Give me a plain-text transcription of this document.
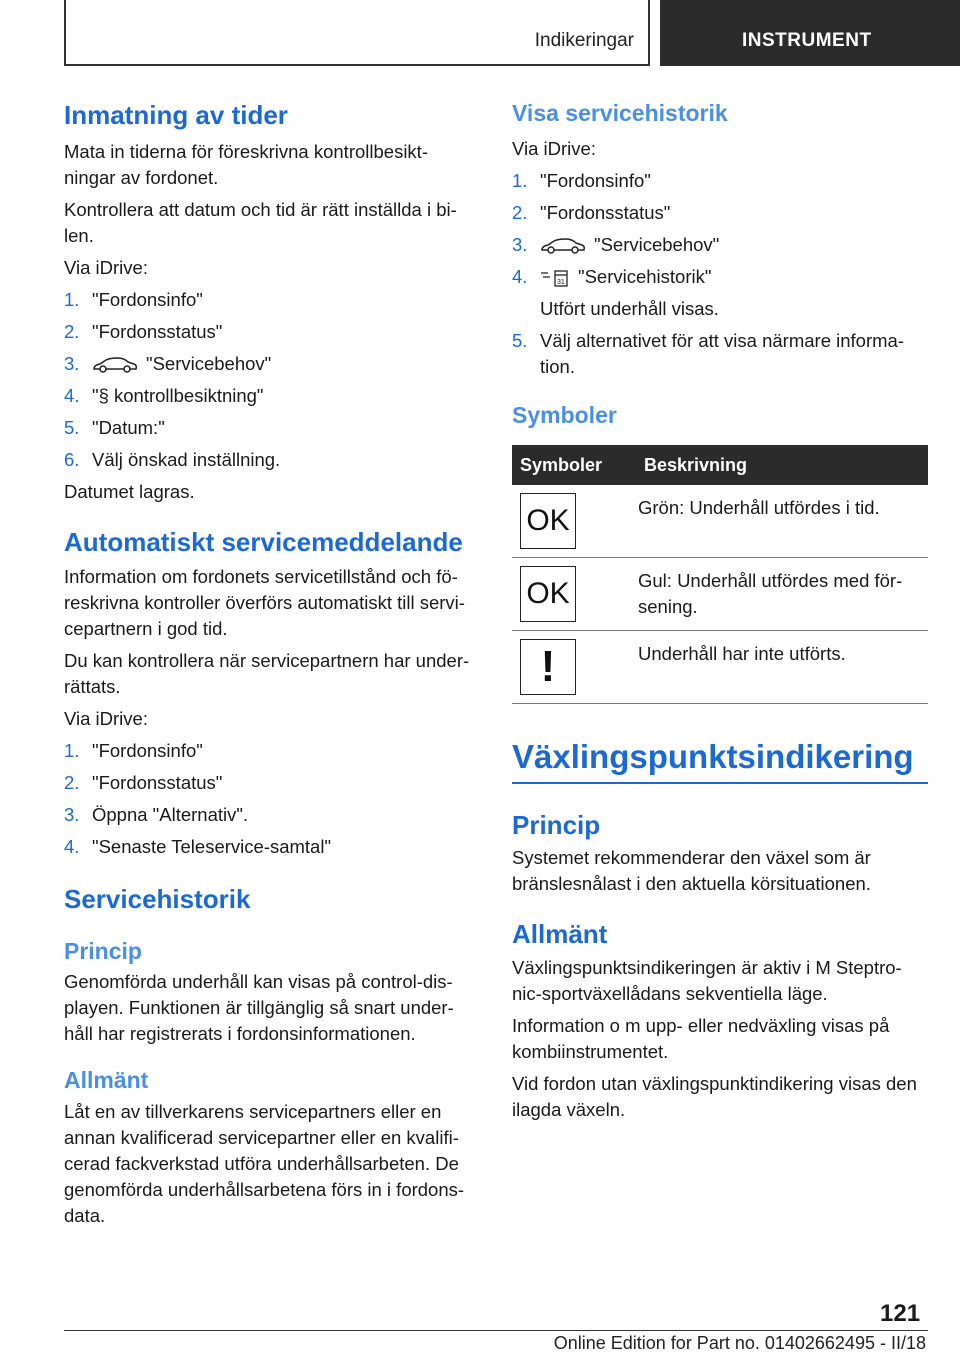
Indikeringar	INSTRUMENT
Inmatning av tider

Mata in tiderna för föreskrivna kontrollbesikt-ningar av fordonet.

Kontrollera att datum och tid är rätt inställda i bi-len.

Via iDrive:

1. "Fordonsinfo"
2. "Fordonsstatus"
3.	"Servicebehov"
4. "§ kontrollbesiktning"
5. "Datum:"
6. Välj önskad inställning.

Datumet lagras.

Automatiskt servicemeddelande

Information om fordonets servicetillstånd och fö-reskrivna kontroller överförs automatiskt till servi-cepartnern i god tid.

Du kan kontrollera när servicepartnern har under-rättats.

Via iDrive:

1. "Fordonsinfo"
2. "Fordonsstatus"
3. Öppna "Alternativ".
4. "Senaste Teleservice-samtal"
Servicehistorik
Princip

Genomförda underhåll kan visas på control-dis-playen. Funktionen är tillgänglig så snart under-håll har registrerats i fordonsinformationen.

Allmänt

Låt en av tillverkarens servicepartners eller en annan kvalificerad servicepartner eller en kvalifi-cerad fackverkstad utföra underhållsarbeten. De genomförda underhållsarbetena förs in i fordons-data.

Visa servicehistorik

Via iDrive:

1. "Fordonsinfo"
2. "Fordonsstatus"
3.	"Servicebehov"
4.	31 "Servicehistorik"
Utfört underhåll visas.
5. Välj alternativet för att visa närmare informa-tion.
Symboler
Symboler	Beskrivning

OK	Grön: Underhåll utfördes i tid.

OK	Gul: Underhåll utfördes med för-sening.

!	Underhåll har inte utförts.
Växlingspunktsindikering
Princip

Systemet rekommenderar den växel som är bränslesnålast i den aktuella körsituationen.

Allmänt

Växlingspunktsindikeringen är aktiv i M Steptro-nic-sportväxellådans sekventiella läge.

Information o m upp- eller nedväxling visas på kombiinstrumentet.

Vid fordon utan växlingspunktindikering visas den ilagda växeln.

121
Online Edition for Part no. 01402662495 - II/18
